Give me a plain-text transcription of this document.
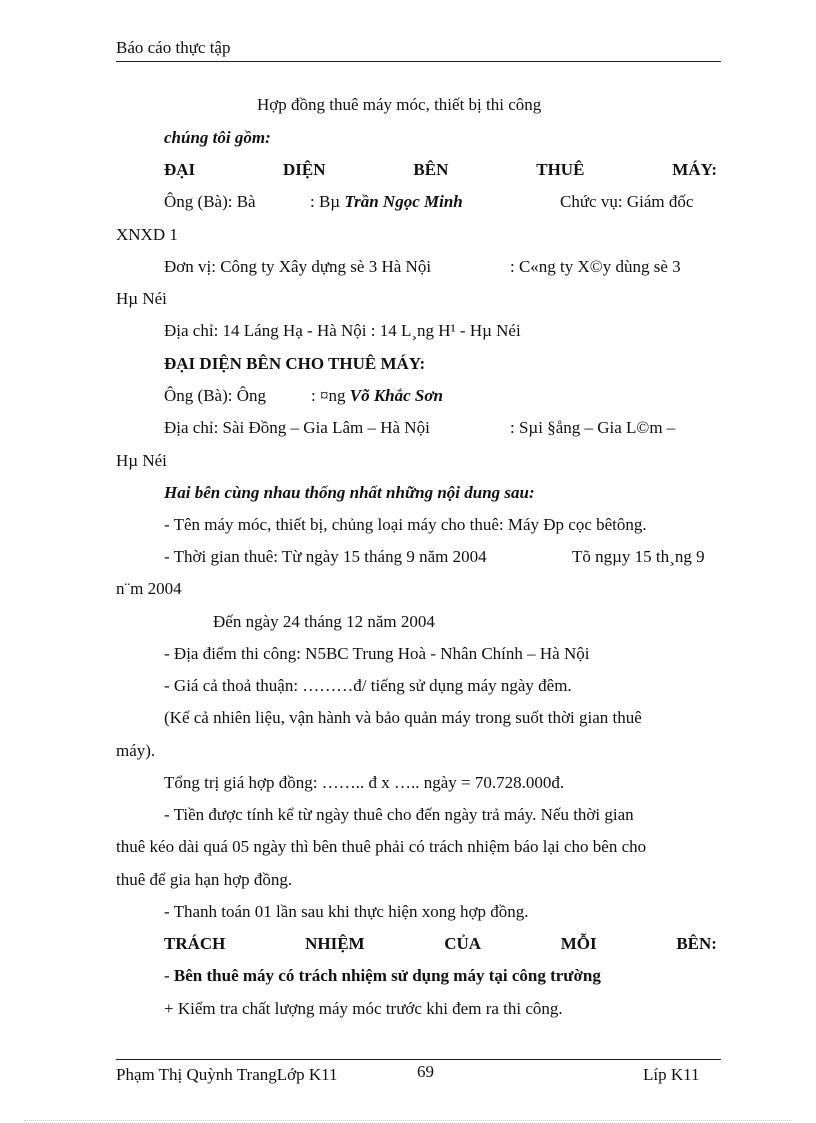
Báo cáo thực tập
Hợp đồng thuê máy móc, thiết bị thi công
chúng tôi gồm:
ĐẠI	DIỆN	BÊN	THUÊ	MÁY:
Ông (Bà): Bà	: Bµ Trần Ngọc Minh	Chức vụ: Giám đốc
XNXD 1
Đơn vị: Công ty Xây dựng sè 3 Hà Nội	: C«ng ty X©y dùng sè 3
Hµ Néi
Địa chỉ: 14 Láng Hạ - Hà Nội : 14 L¸ng H¹ - Hµ Néi
ĐẠI DIỆN BÊN CHO THUÊ MÁY:
Ông (Bà): Ông	: ¤ng Võ Khắc Sơn
Địa chỉ: Sài Đồng – Gia Lâm – Hà Nội	: Sµi §ång – Gia L©m –
Hµ Néi
Hai bên cùng nhau thống nhất những nội dung sau:
- Tên máy móc, thiết bị, chủng loại máy cho thuê: Máy Ðp cọc bêtông.
- Thời gian thuê: Từ ngày 15 tháng 9 năm 2004	Tõ ngµy 15 th¸ng 9
n¨m 2004
Đến ngày 24 tháng 12 năm 2004
- Địa điểm thi công: N5BC Trung Hoà - Nhân Chính – Hà Nội
- Giá cả thoả thuận: ………đ/ tiếng sử dụng máy ngày đêm.
(Kể cả nhiên liệu, vận hành và bảo quản máy trong suốt thời gian thuê
máy).
Tổng trị giá hợp đồng: …….. đ x ….. ngày = 70.728.000đ.
- Tiền được tính kể từ ngày thuê cho đến ngày trả máy. Nếu thời gian
thuê kéo dài quá 05 ngày thì bên thuê phải có trách nhiệm báo lại cho bên cho
thuê để gia hạn hợp đồng.
- Thanh toán 01 lần sau khi thực hiện xong hợp đồng.
TRÁCH	NHIỆM	CỦA	MỖI	BÊN:
- Bên thuê máy có trách nhiệm sử dụng máy tại công trường
+ Kiểm tra chất lượng máy móc trước khi đem ra thi công.
Phạm Thị Quỳnh TrangLớp K11	69	Líp K11
